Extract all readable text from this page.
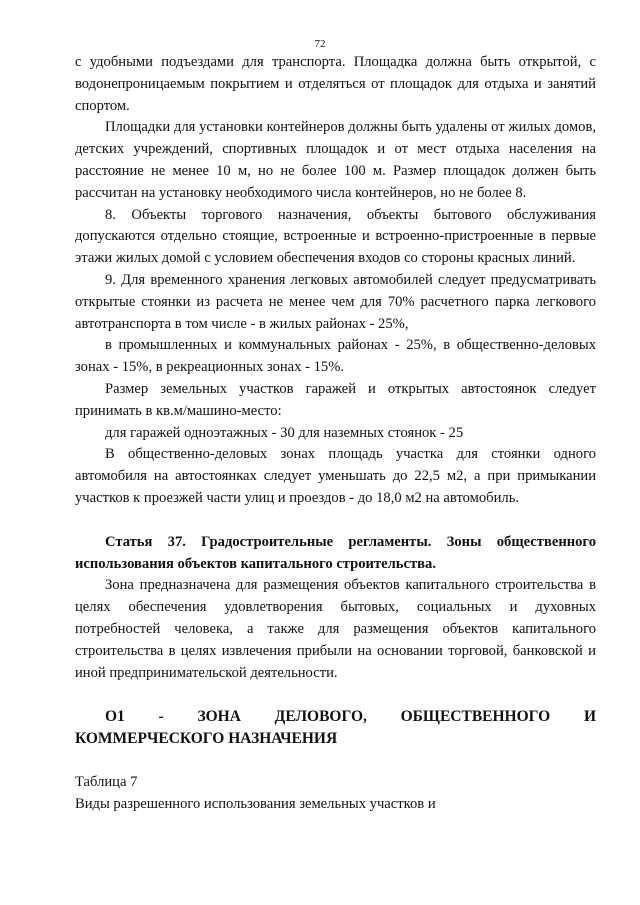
72

с удобными подъездами для транспорта. Площадка должна быть открытой, с водонепроницаемым покрытием и отделяться от площадок для отдыха и занятий спортом.

Площадки для установки контейнеров должны быть удалены от жилых домов, детских учреждений, спортивных площадок и от мест отдыха населения на расстояние не менее 10 м, но не более 100 м. Размер площадок должен быть рассчитан на установку необходимого числа контейнеров, но не более 8.

8. Объекты торгового назначения, объекты бытового обслуживания допускаются отдельно стоящие, встроенные и встроенно-пристроенные в первые этажи жилых домой с условием обеспечения входов со стороны красных линий.

9. Для временного хранения легковых автомобилей следует предусматривать открытые стоянки из расчета не менее чем для 70% расчетного парка легкового автотранспорта в том числе - в жилых районах - 25%,

в промышленных и коммунальных районах - 25%, в общественно-деловых зонах - 15%, в рекреационных зонах - 15%.

Размер земельных участков гаражей и открытых автостоянок следует принимать в кв.м/машино-место:

для гаражей одноэтажных - 30 для наземных стоянок - 25

В общественно-деловых зонах площадь участка для стоянки одного автомобиля на автостоянках следует уменьшать до 22,5 м2, а при примыкании участков к проезжей части улиц и проездов - до 18,0 м2 на автомобиль.

Статья 37. Градостроительные регламенты. Зоны общественного использования объектов капитального строительства.

Зона предназначена для размещения объектов капитального строительства в целях обеспечения удовлетворения бытовых, социальных и духовных потребностей человека, а также для размещения объектов капитального строительства в целях извлечения прибыли на основании торговой, банковской и иной предпринимательской деятельности.

О1 - ЗОНА ДЕЛОВОГО, ОБЩЕСТВЕННОГО И КОММЕРЧЕСКОГО НАЗНАЧЕНИЯ

Таблица 7

Виды разрешенного использования земельных участков и
